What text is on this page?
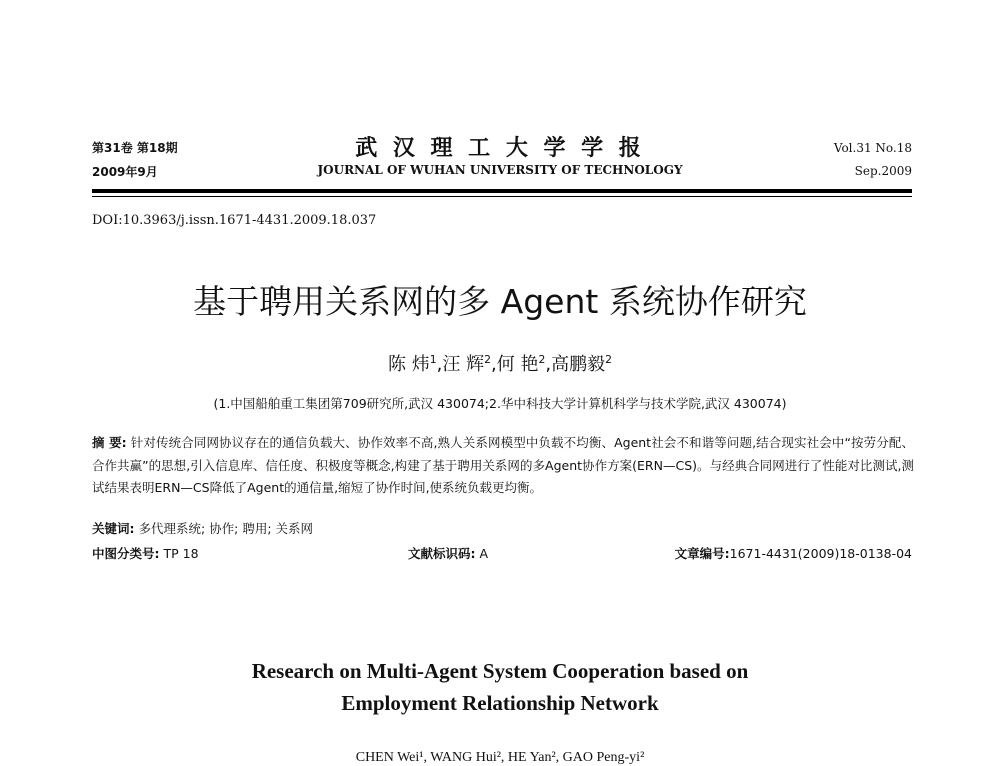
第31卷 第18期
2009年9月
武 汉 理 工 大 学 学 报
JOURNAL OF WUHAN UNIVERSITY OF TECHNOLOGY
Vol.31 No.18
Sep.2009
DOI:10.3963/j.issn.1671-4431.2009.18.037
基于聘用关系网的多 Agent 系统协作研究
陈 炜$^1$,汪 辉$^2$,何 艳$^2$,高鹏毅$^2$
(1.中国船舶重工集团第709研究所,武汉 430074;2.华中科技大学计算机科学与技术学院,武汉 430074)
摘 要: 针对传统合同网协议存在的通信负载大、协作效率不高,熟人关系网模型中负载不均衡、Agent社会不和谐等问题,结合现实社会中“按劳分配、合作共赢”的思想,引入信息库、信任度、积极度等概念,构建了基于聘用关系网的多Agent协作方案(ERN—CS)。与经典合同网进行了性能对比测试,测试结果表明ERN—CS降低了Agent的通信量,缩短了协作时间,使系统负载更均衡。
关键词: 多代理系统; 协作; 聘用; 关系网
中图分类号: TP 18	文献标识码: A	文章编号:1671-4431(2009)18-0138-04
Research on Multi-Agent System Cooperation based on
Employment Relationship Network
CHEN Wei¹, WANG Hui², HE Yan², GAO Peng-yi²
